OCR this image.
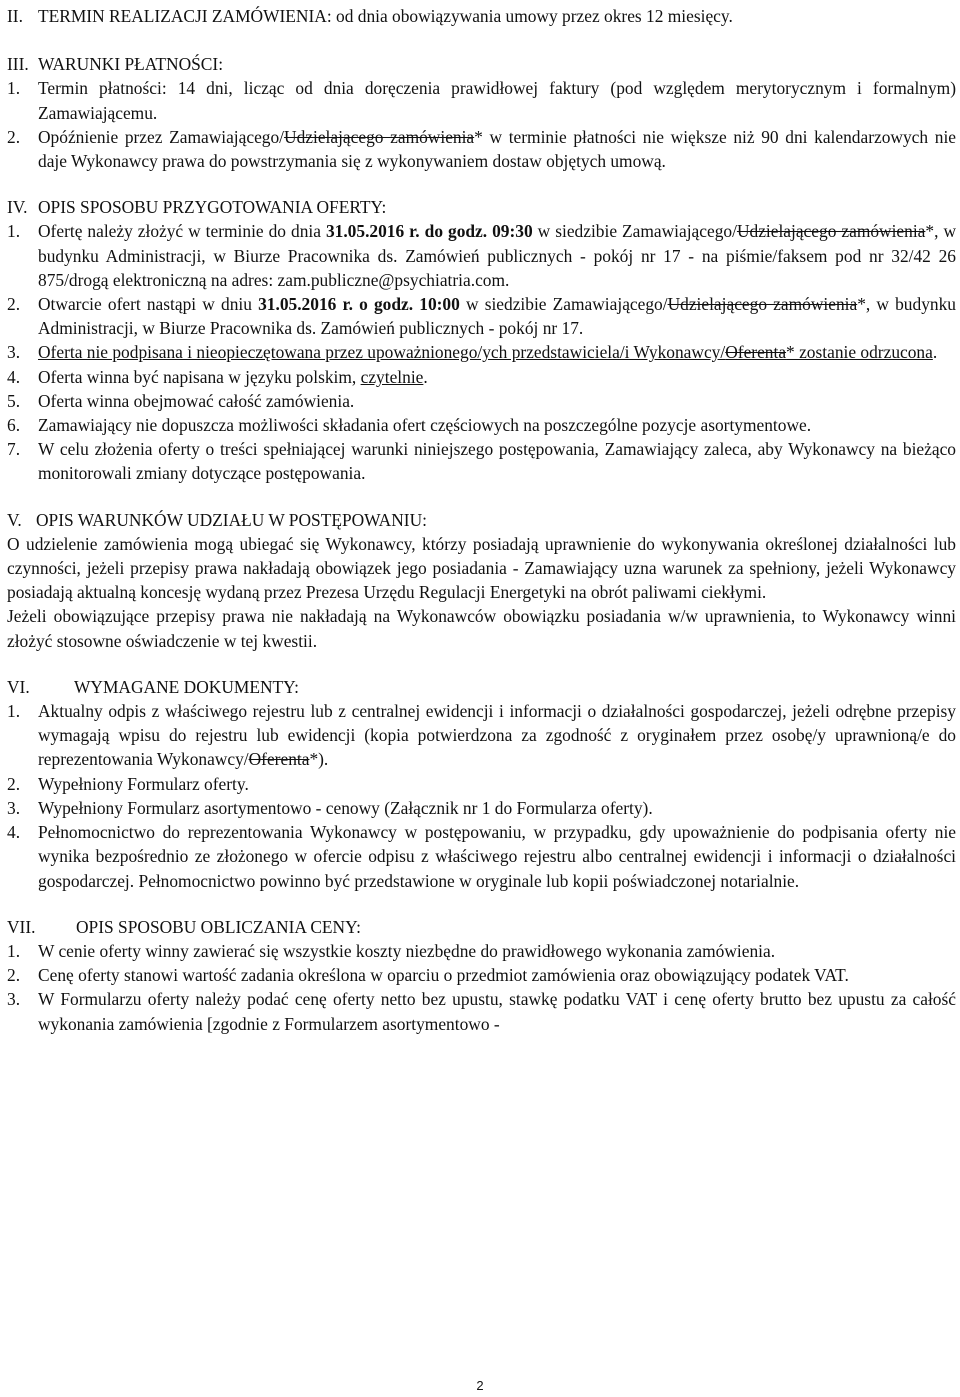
II. TERMIN REALIZACJI ZAMÓWIENIA: od dnia obowiązywania umowy przez okres 12 miesięcy.
III. WARUNKI PŁATNOŚCI:
1.	Termin płatności: 14 dni, licząc od dnia doręczenia prawidłowej faktury (pod względem merytorycznym i formalnym) Zamawiającemu.
2.	Opóźnienie przez Zamawiającego/Udzielającego zamówienia* w terminie płatności nie większe niż 90 dni kalendarzowych nie daje Wykonawcy prawa do powstrzymania się z wykonywaniem dostaw objętych umową.
IV. OPIS SPOSOBU PRZYGOTOWANIA OFERTY:
1.	Ofertę należy złożyć w terminie do dnia 31.05.2016 r. do godz. 09:30 w siedzibie Zamawiającego/Udzielającego zamówienia*, w budynku Administracji, w Biurze Pracownika ds. Zamówień publicznych - pokój nr 17 - na piśmie/faksem pod nr 32/42 26 875/drogą elektroniczną na adres: zam.publiczne@psychiatria.com.
2.	Otwarcie ofert nastąpi w dniu 31.05.2016 r. o godz. 10:00 w siedzibie Zamawiającego/Udzielającego zamówienia*, w budynku Administracji, w Biurze Pracownika ds. Zamówień publicznych - pokój nr 17.
3.	Oferta nie podpisana i nieopieczętowana przez upoważnionego/ych przedstawiciela/i Wykonawcy/Oferenta* zostanie odrzucona.
4.	Oferta winna być napisana w języku polskim, czytelnie.
5.	Oferta winna obejmować całość zamówienia.
6.	Zamawiający nie dopuszcza możliwości składania ofert częściowych na poszczególne pozycje asortymentowe.
7.	W celu złożenia oferty o treści spełniającej warunki niniejszego postępowania, Zamawiający zaleca, aby Wykonawcy na bieżąco monitorowali zmiany dotyczące postępowania.
V. OPIS WARUNKÓW UDZIAŁU W POSTĘPOWANIU:
O udzielenie zamówienia mogą ubiegać się Wykonawcy, którzy posiadają uprawnienie do wykonywania określonej działalności lub czynności, jeżeli przepisy prawa nakładają obowiązek jego posiadania - Zamawiający uzna warunek za spełniony, jeżeli Wykonawcy posiadają aktualną koncesję wydaną przez Prezesa Urzędu Regulacji Energetyki na obrót paliwami ciekłymi.
Jeżeli obowiązujące przepisy prawa nie nakładają na Wykonawców obowiązku posiadania w/w uprawnienia, to Wykonawcy winni złożyć stosowne oświadczenie w tej kwestii.
VI.	WYMAGANE DOKUMENTY:
1.	Aktualny odpis z właściwego rejestru lub z centralnej ewidencji i informacji o działalności gospodarczej, jeżeli odrębne przepisy wymagają wpisu do rejestru lub ewidencji (kopia potwierdzona za zgodność z oryginałem przez osobę/y uprawnioną/e do reprezentowania Wykonawcy/Oferenta*).
2.	Wypełniony Formularz oferty.
3.	Wypełniony Formularz asortymentowo - cenowy (Załącznik nr 1 do Formularza oferty).
4.	Pełnomocnictwo do reprezentowania Wykonawcy w postępowaniu, w przypadku, gdy upoważnienie do podpisania oferty nie wynika bezpośrednio ze złożonego w ofercie odpisu z właściwego rejestru albo centralnej ewidencji i informacji o działalności gospodarczej. Pełnomocnictwo powinno być przedstawione w oryginale lub kopii poświadczonej notarialnie.
VII.	OPIS SPOSOBU OBLICZANIA CENY:
1.	W cenie oferty winny zawierać się wszystkie koszty niezbędne do prawidłowego wykonania zamówienia.
2.	Cenę oferty stanowi wartość zadania określona w oparciu o przedmiot zamówienia oraz obowiązujący podatek VAT.
3.	W Formularzu oferty należy podać cenę oferty netto bez upustu, stawkę podatku VAT i cenę oferty brutto bez upustu za całość wykonania zamówienia [zgodnie z Formularzem asortymentowo -
2
